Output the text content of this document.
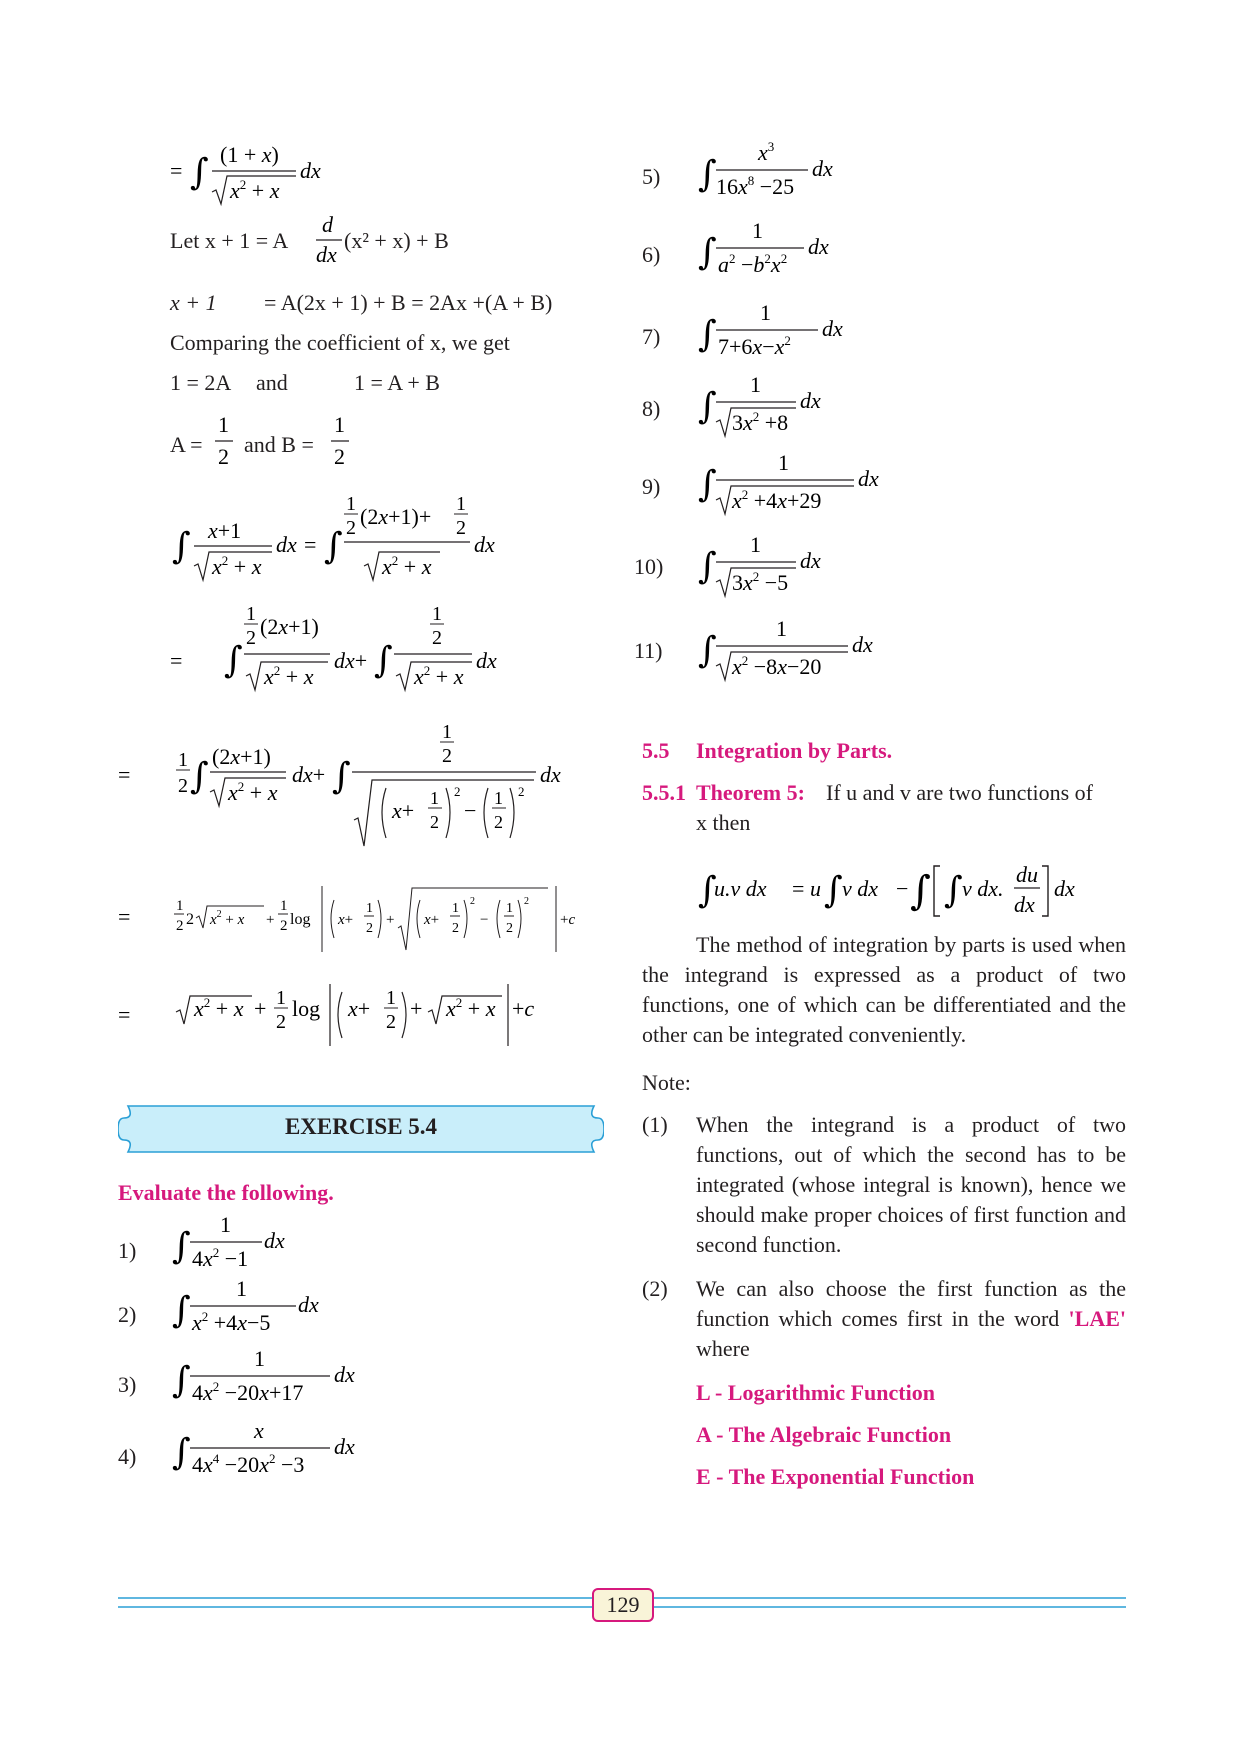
= ∫ (1 + x)
$x^2 + x$
dx
Let x + 1 = A
d
dx
(x² + x) + B
x + 1 = A(2x + 1) + B = 2Ax +(A + B)
Comparing the coefficient of x, we get
1 = 2A and	1 = A + B
A =
1
2 and B =
1
2
∫ x+1
$x^2 + x$
dx = ∫
1
2 (2x+1)+ 1
2
$x^2 + x$
dx
= ∫
1
2 (2x+1)
$x^2 + x$
dx+ ∫
1
2
$x^2 + x$
dx
=
1
2 ∫ (2x+1)
$x^2 + x$
dx+ ∫
1
2
x+ 1
2
2
− 1
2
2
dx
=	1
2 2 $x^2 + x$ +
1
2 log x+
1
2
+ x+
1
2
2
−
1
2
2
+c
=	$x^2 + x + 1$
2
log x+ 1
2
+ $x^2 + x +c$
EXERCISE 5.4
Evaluate the following.
1) ∫
1
$4x^2 -1$
dx
2) ∫
1
$x^2 +4x-5$
dx
3) ∫
1
$4x^2 -20x+17$
dx
4) ∫
x
$4x^4 -20x^2 -3$
dx
5) ∫
$x^3$
$16x^8 -25$
dx
6) ∫
1
$a^2 -b^2x^2$ dx
7) ∫
1
$7+6x-x^2$ dx
8) ∫
1
$3x^2 +8$
dx
9) ∫
1
$x^2 +4x+29$
dx
10) ∫
1
$3x^2 -5$
dx
11) ∫
1
$x^2 -8x-20$
dx
5.5 Integration by Parts.
5.5.1 Theorem 5: If u and v are two functions of
x then
∫
u.v dx = u ∫ v dx − ∫ ∫ v dx.
du
dx
dx
The method of integration by parts is used when the integrand is expressed as a product of two functions, one of which can be differentiated and the other can be integrated conveniently.
Note:
(1) When the integrand is a product of two functions, out of which the second has to be integrated (whose integral is known), hence we should make proper choices of first function and second function.
(2) We can also choose the first function as the function which comes first in the word 'LAE' where
L - Logarithmic Function
A - The Algebraic Function
E - The Exponential Function
129
